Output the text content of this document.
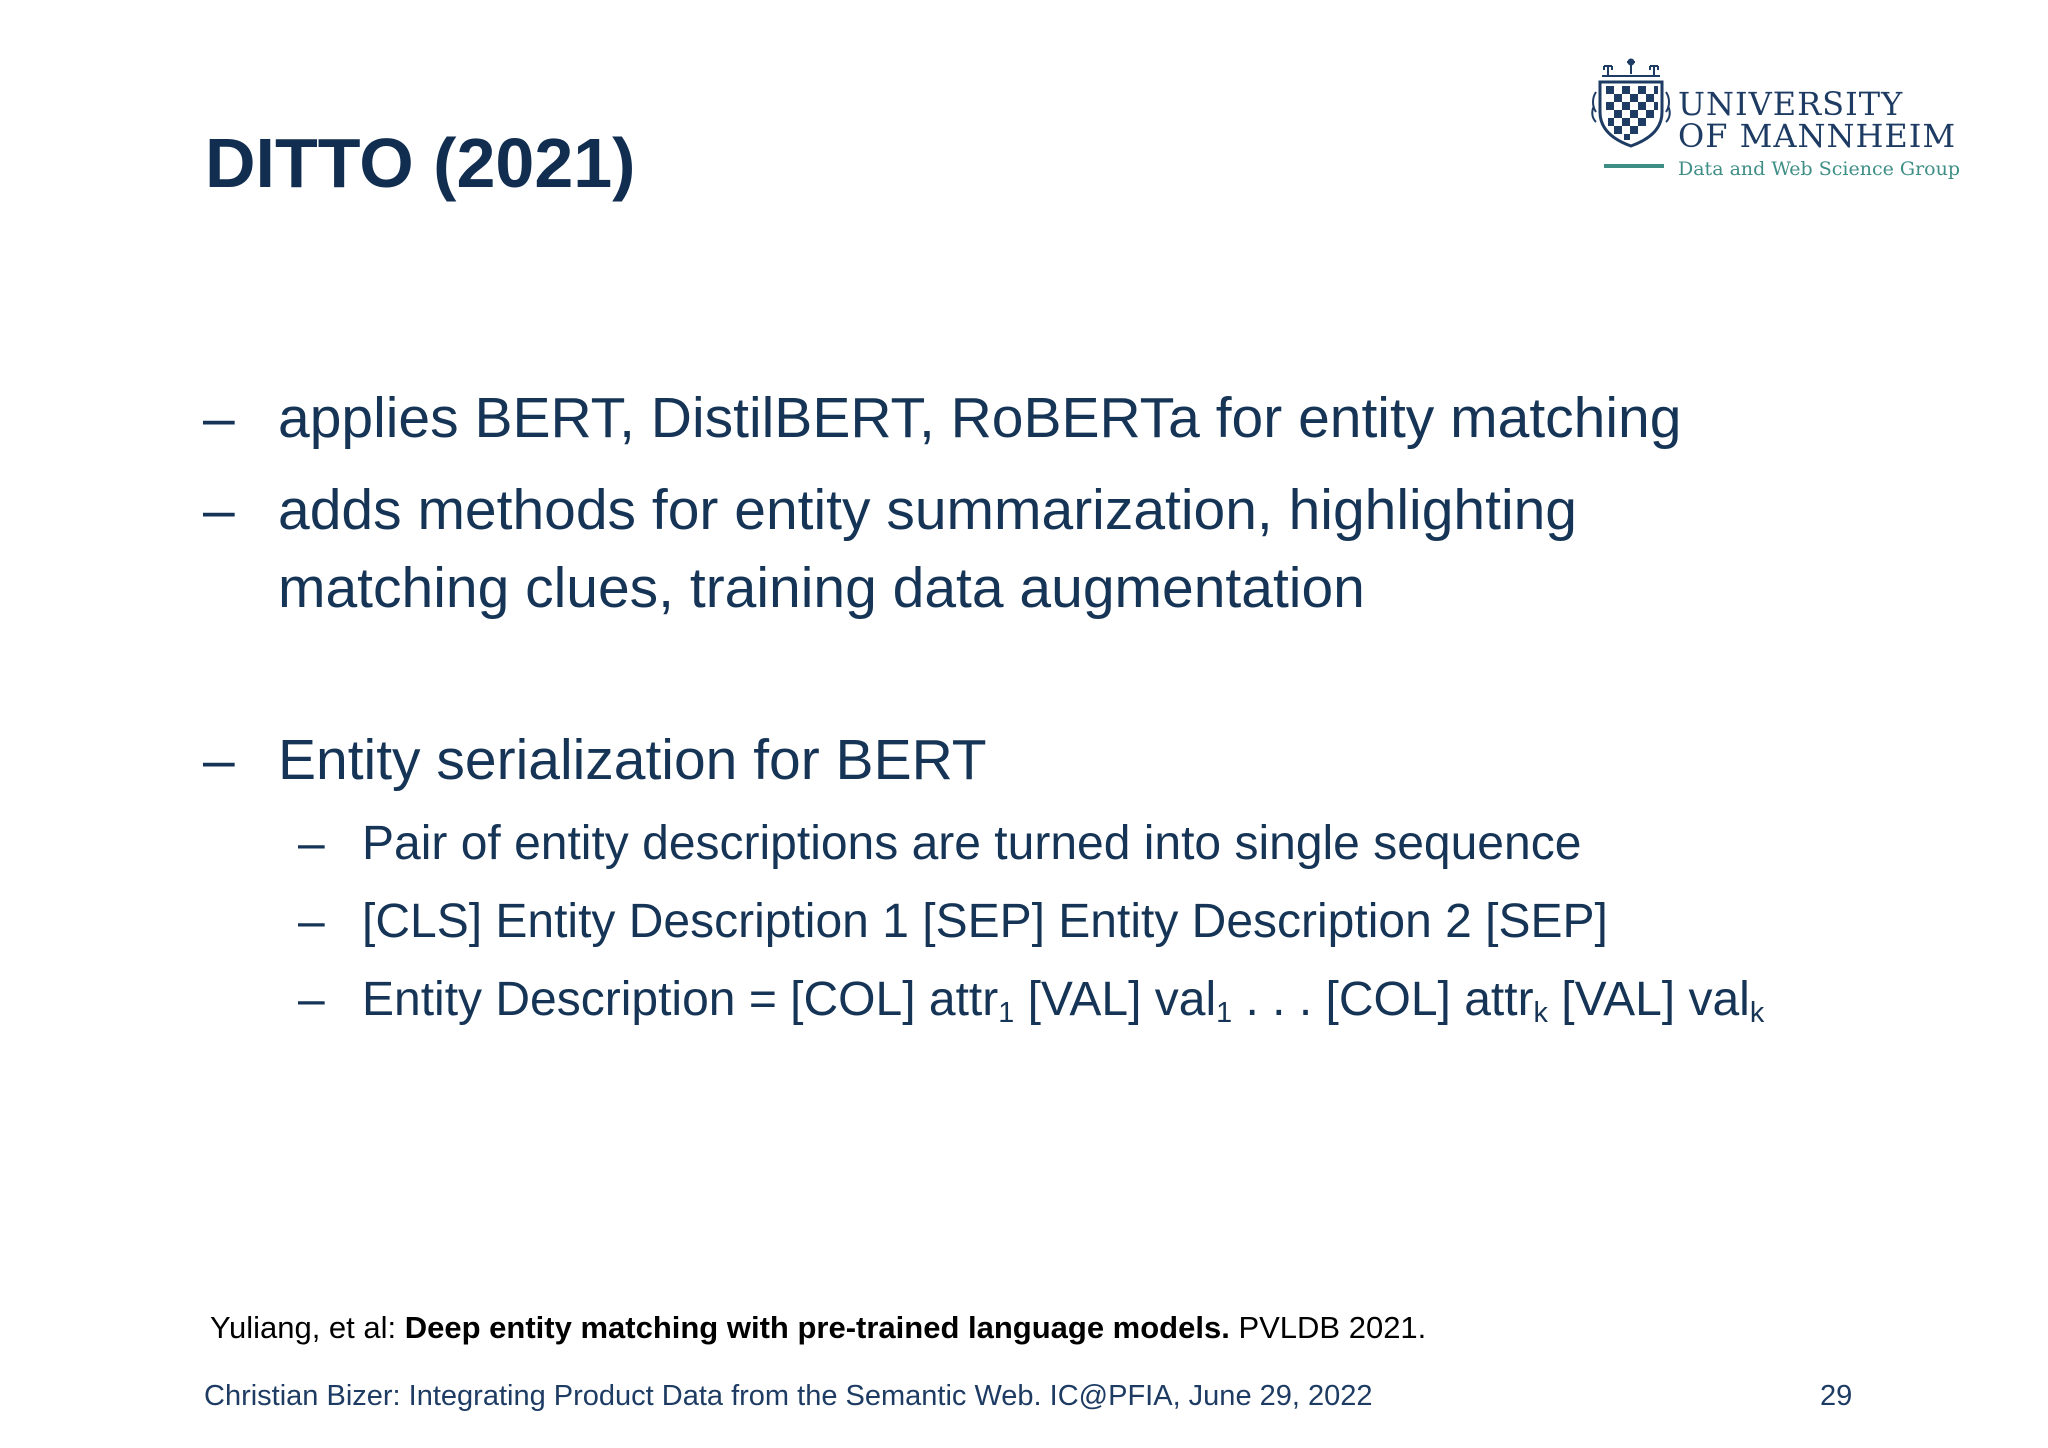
DITTO (2021)
UNIVERSITY
OF MANNHEIM
Data and Web Science Group
– applies BERT, DistilBERT, RoBERTa for entity matching
– adds methods for entity summarization, highlighting
matching clues, training data augmentation
– Entity serialization for BERT
– Pair of entity descriptions are turned into single sequence
– [CLS] Entity Description 1 [SEP] Entity Description 2 [SEP]
– Entity Description = [COL] attr$_1$ [VAL] val$_1$ . . . [COL] attr$_k$ [VAL] val$_k$
Yuliang, et al: Deep entity matching with pre-trained language models. PVLDB 2021.
Christian Bizer: Integrating Product Data from the Semantic Web. IC@PFIA, June 29, 2022	29
